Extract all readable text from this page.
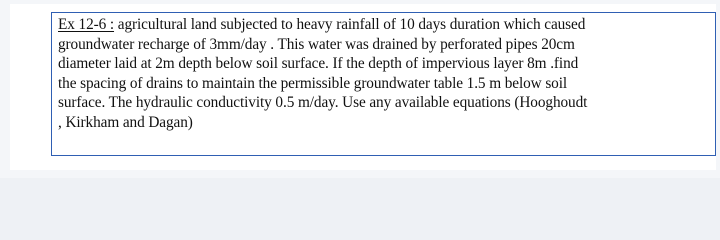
Ex 12-6 : agricultural land subjected to heavy rainfall of 10 days duration which caused
groundwater recharge of 3mm/day . This water was drained by perforated pipes 20cm
diameter laid at 2m depth below soil surface. If the depth of impervious layer 8m .find
the spacing of drains to maintain the permissible groundwater table 1.5 m below soil
surface. The hydraulic conductivity 0.5 m/day. Use any available equations (Hooghoudt
, Kirkham and Dagan)
